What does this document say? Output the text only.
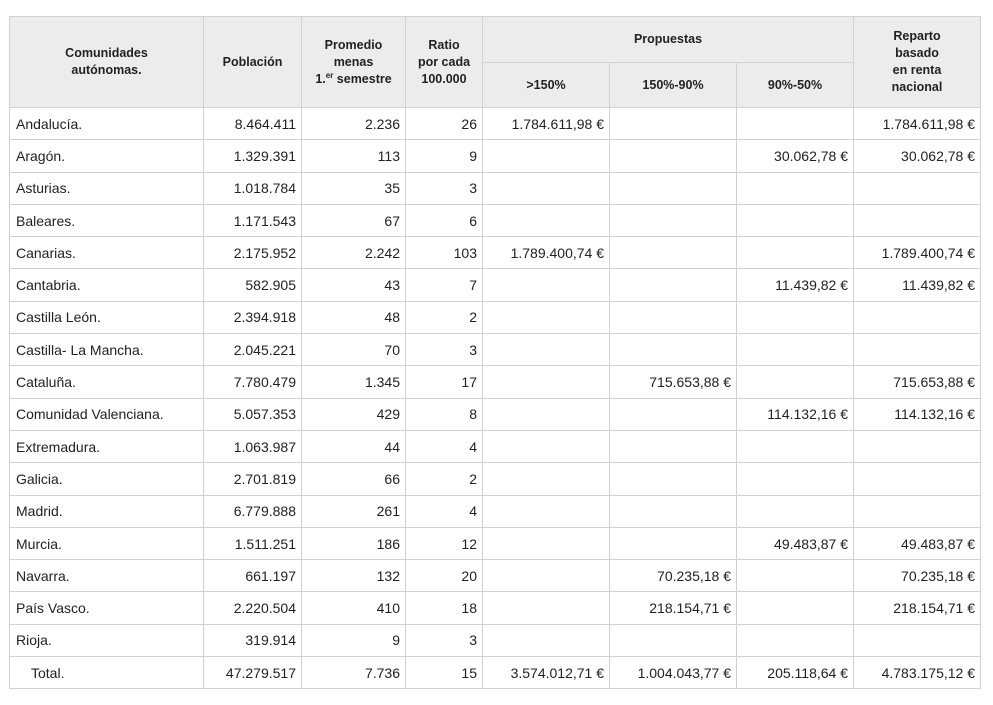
Comunidades
autónomas.	Población	Promedio
menas
1.$^{er}$ semestre	Ratio
por cada
100.000	Propuestas			Reparto
basado
en renta
nacional

				>150%	150%-90%	90%-50%	
Andalucía.	8.464.411	2.236	26	1.784.611,98 €			1.784.611,98 €
Aragón.	1.329.391	113	9			30.062,78 €	30.062,78 €
Asturias.	1.018.784	35	3				
Baleares.	1.171.543	67	6				
Canarias.	2.175.952	2.242	103	1.789.400,74 €			1.789.400,74 €
Cantabria.	582.905	43	7			11.439,82 €	11.439,82 €
Castilla León.	2.394.918	48	2				
Castilla- La Mancha.	2.045.221	70	3				
Cataluña.	7.780.479	1.345	17		715.653,88 €		715.653,88 €
Comunidad Valenciana.	5.057.353	429	8			114.132,16 €	114.132,16 €
Extremadura.	1.063.987	44	4				
Galicia.	2.701.819	66	2				
Madrid.	6.779.888	261	4				
Murcia.	1.511.251	186	12			49.483,87 €	49.483,87 €
Navarra.	661.197	132	20		70.235,18 €		70.235,18 €
País Vasco.	2.220.504	410	18		218.154,71 €		218.154,71 €
Rioja.	319.914	9	3				
Total.	47.279.517	7.736	15	3.574.012,71 €	1.004.043,77 €	205.118,64 €	4.783.175,12 €
